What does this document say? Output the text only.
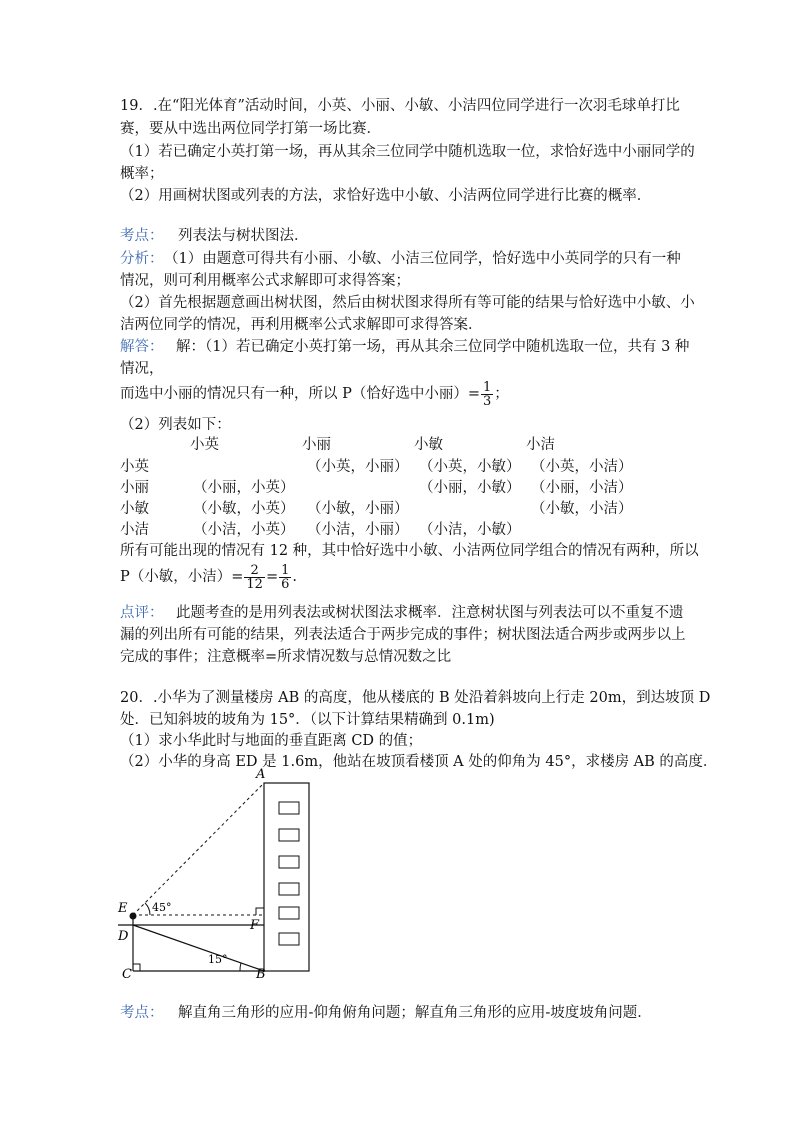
19．.在“阳光体育”活动时间，小英、小丽、小敏、小洁四位同学进行一次羽毛球单打比
赛，要从中选出两位同学打第一场比赛．
（1）若已确定小英打第一场，再从其余三位同学中随机选取一位，求恰好选中小丽同学的
概率；
（2）用画树状图或列表的方法，求恰好选中小敏、小洁两位同学进行比赛的概率．
考点： 列表法与树状图法．
分析：（1）由题意可得共有小丽、小敏、小洁三位同学，恰好选中小英同学的只有一种
情况，则可利用概率公式求解即可求得答案；
（2）首先根据题意画出树状图，然后由树状图求得所有等可能的结果与恰好选中小敏、小
洁两位同学的情况，再利用概率公式求解即可求得答案．
解答： 解：（1）若已确定小英打第一场，再从其余三位同学中随机选取一位，共有 3 种
情况，
而选中小丽的情况只有一种，所以 P（恰好选中小丽）= $\frac{1}{3}$ ；
（2）列表如下：
小英	小丽	小敏	小洁
小英	（小英，小丽） （小英，小敏） （小英，小洁）
小丽	（小丽，小英）	（小丽，小敏） （小丽，小洁）
小敏	（小敏，小英） （小敏，小丽）	（小敏，小洁）
小洁	（小洁，小英） （小洁，小丽） （小洁，小敏）
所有可能出现的情况有 12 种，其中恰好选中小敏、小洁两位同学组合的情况有两种，所以
P（小敏，小洁）= $\frac{2}{12} = \frac{1}{6}$ .
点评： 此题考查的是用列表法或树状图法求概率．注意树状图与列表法可以不重复不遗
漏的列出所有可能的结果，列表法适合于两步完成的事件；树状图法适合两步或两步以上
完成的事件；注意概率=所求情况数与总情况数之比
20．.小华为了测量楼房 AB 的高度，他从楼底的 B 处沿着斜坡向上行走 20m，到达坡顶 D
处．已知斜坡的坡角为 15°．（以下计算结果精确到 0.1m)
（1）求小华此时与地面的垂直距离 CD 的值；
（2）小华的身高 ED 是 1.6m，他站在坡顶看楼顶 A 处的仰角为 45°，求楼房 AB 的高度．
A
E
D
C	B
F
45°
15°
考点： 解直角三角形的应用-仰角俯角问题；解直角三角形的应用-坡度坡角问题．
